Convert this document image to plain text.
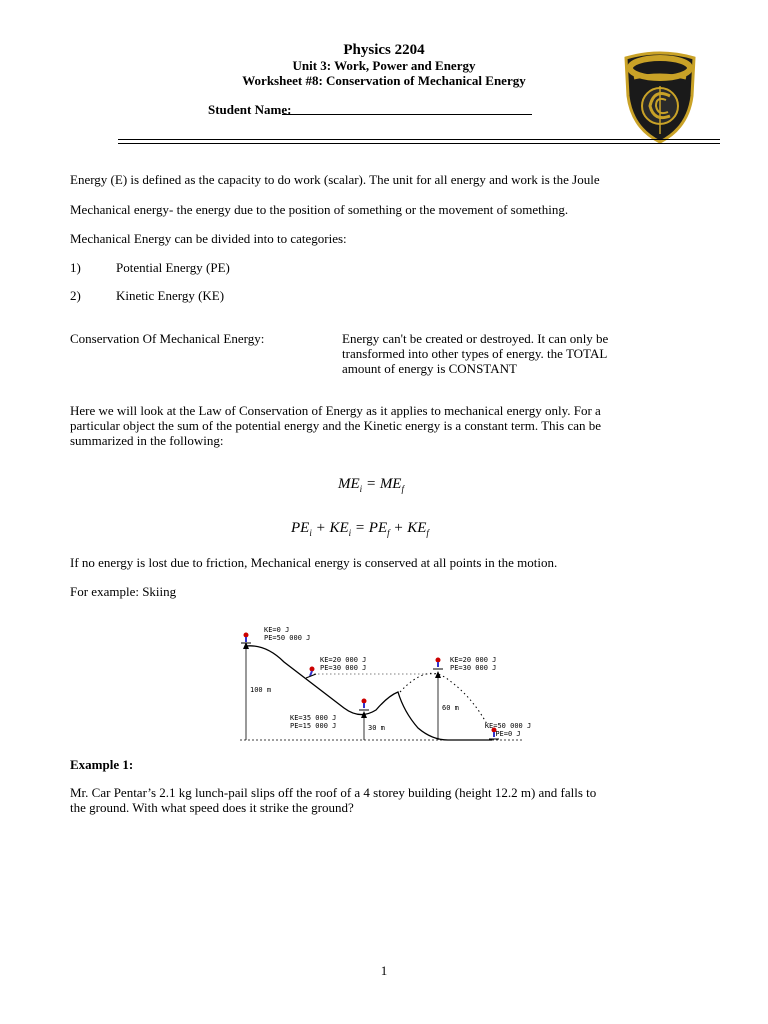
Physics 2204
Unit 3: Work, Power and Energy
Worksheet #8: Conservation of Mechanical Energy
Student Name:
Energy (E) is defined as the capacity to do work (scalar). The unit for all energy and work is the Joule
Mechanical energy- the energy due to the position of something or the movement of something.
Mechanical Energy can be divided into to categories:
1)	Potential Energy (PE)
2)	Kinetic Energy (KE)
Conservation Of Mechanical Energy:	Energy can't be created or destroyed. It can only be
transformed into other types of energy. the TOTAL
amount of energy is CONSTANT
Here we will look at the Law of Conservation of Energy as it applies to mechanical energy only. For a
particular object the sum of the potential energy and the Kinetic energy is a constant term. This can be
summarized in the following:
$ME_i = ME_f$
$PE_i + KE_i = PE_f + KE_f$
If no energy is lost due to friction, Mechanical energy is conserved at all points in the motion.
For example: Skiing
KE=0 J
PE=50 000 J
KE=20 000 J
PE=30 000 J
KE=20 000 J
PE=30 000 J
KE=35 000 J
PE=15 000 J	KE=50 000 J
PE=0 J
100 m
60 m
30 m
Example 1:
Mr. Car Pentar’s 2.1 kg lunch-pail slips off the roof of a 4 storey building (height 12.2 m) and falls to
the ground. With what speed does it strike the ground?
1
